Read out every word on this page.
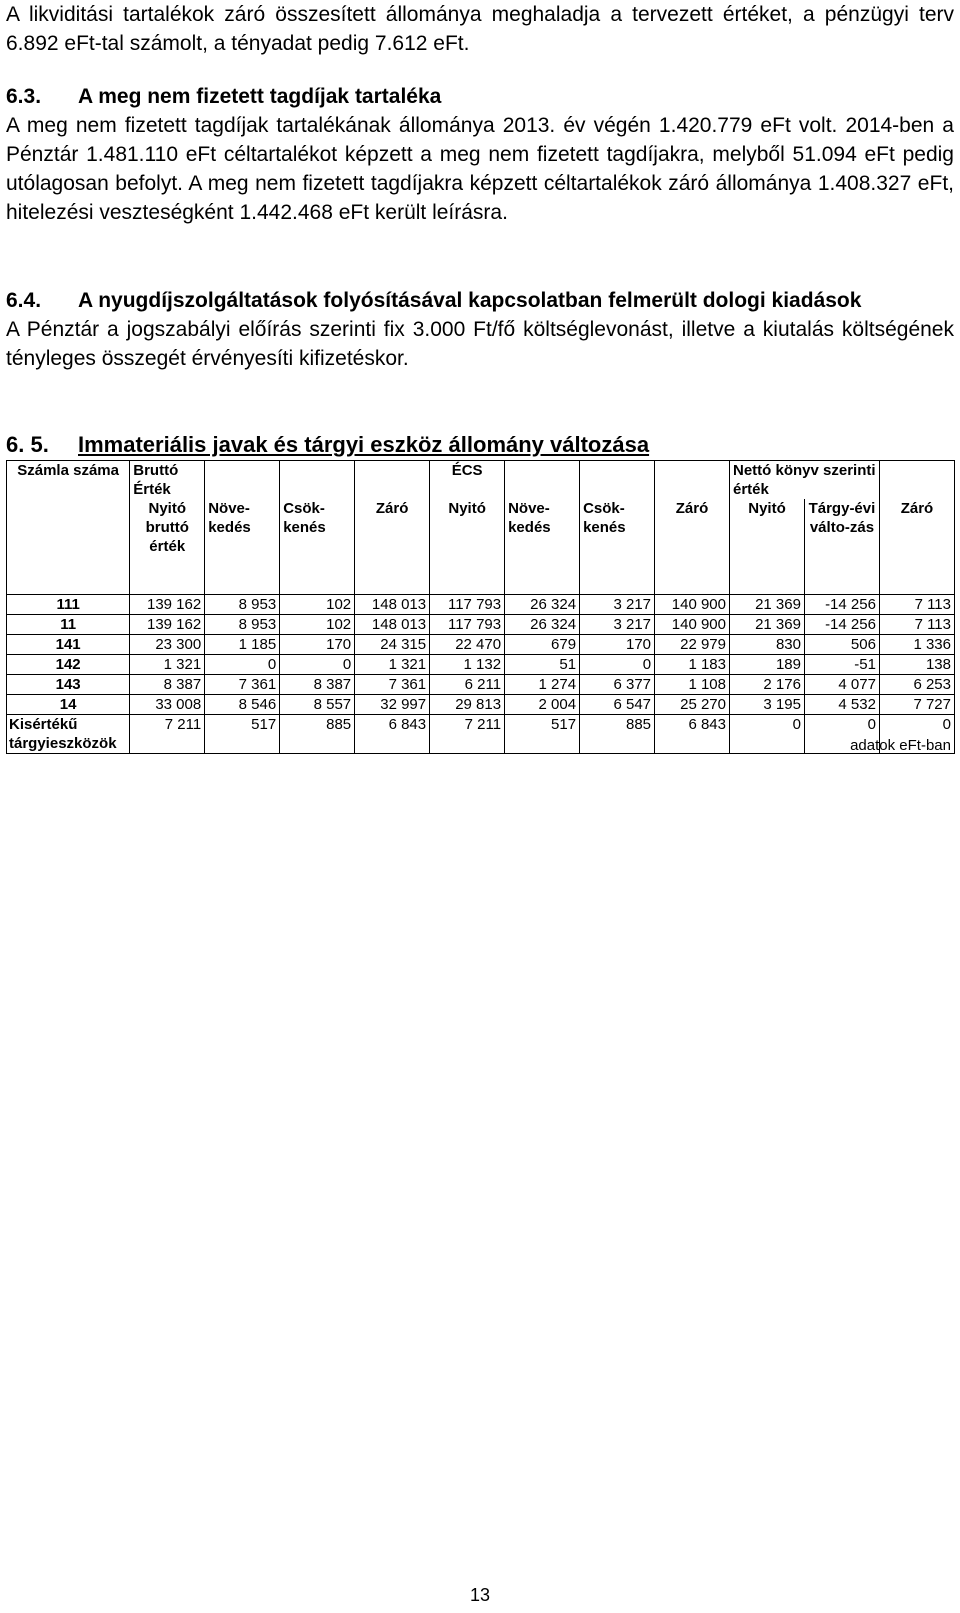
A likviditási tartalékok záró összesített állománya meghaladja a tervezett értéket, a pénzügyi terv 6.892 eFt-tal számolt, a tényadat pedig 7.612 eFt.

6.3. A meg nem fizetett tagdíjak tartaléka

A meg nem fizetett tagdíjak tartalékának állománya 2013. év végén 1.420.779 eFt volt. 2014-ben a Pénztár 1.481.110 eFt céltartalékot képzett a meg nem fizetett tagdíjakra, melyből 51.094 eFt pedig utólagosan befolyt. A meg nem fizetett tagdíjakra képzett céltartalékok záró állománya 1.408.327 eFt, hitelezési veszteségként 1.442.468 eFt került leírásra.

6.4. A nyugdíjszolgáltatások folyósításával kapcsolatban felmerült dologi kiadások

A Pénztár a jogszabályi előírás szerinti fix 3.000 Ft/fő költséglevonást, illetve a kiutalás költségének tényleges összegét érvényesíti kifizetéskor.

6. 5. Immateriális javak és tárgyi eszköz állomány változása

Számla száma	Bruttó Érték				ÉCS				Nettó könyv szerinti érték		
	Nyitó bruttó érték	Növe-kedés	Csök-kenés	Záró	Nyitó	Növe-kedés	Csök-kenés	Záró	Nyitó	Tárgy-évi válto-zás	Záró
111	139 162	8 953	102	148 013	117 793	26 324	3 217	140 900	21 369	-14 256	7 113
11	139 162	8 953	102	148 013	117 793	26 324	3 217	140 900	21 369	-14 256	7 113
141	23 300	1 185	170	24 315	22 470	679	170	22 979	830	506	1 336
142	1 321	0	0	1 321	1 132	51	0	1 183	189	-51	138
143	8 387	7 361	8 387	7 361	6 211	1 274	6 377	1 108	2 176	4 077	6 253
14	33 008	8 546	8 557	32 997	29 813	2 004	6 547	25 270	3 195	4 532	7 727
Kisértékű tárgyieszközök	7 211	517	885	6 843	7 211	517	885	6 843	0	0	0
adatok eFt-ban
13
